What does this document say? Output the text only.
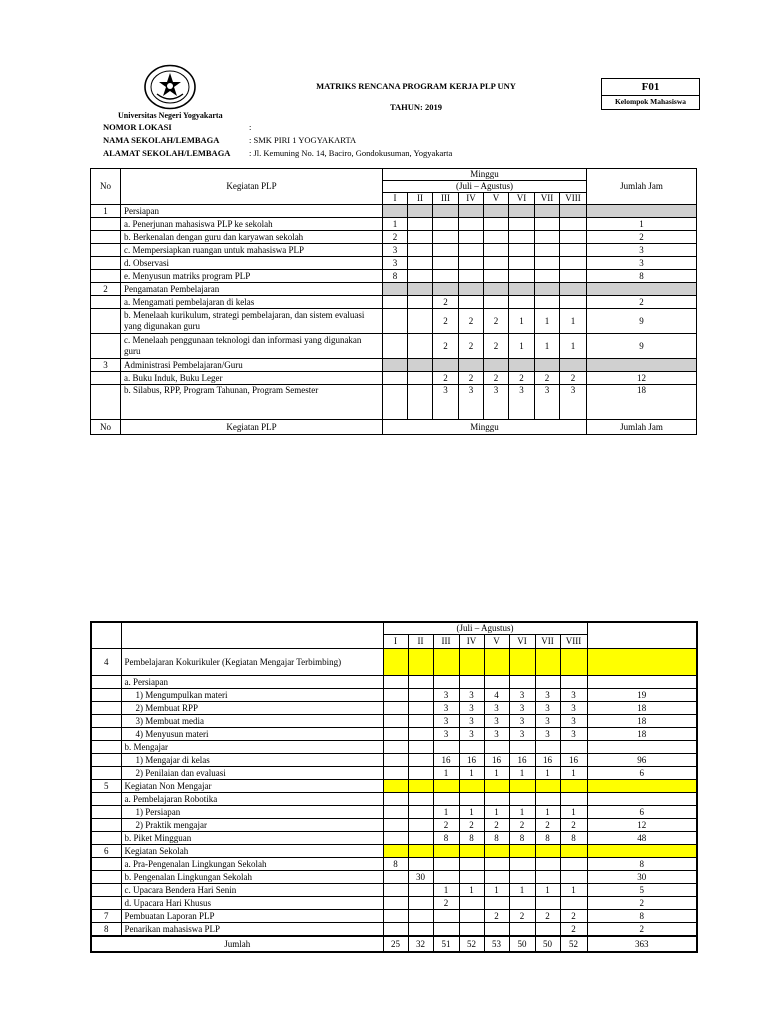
Universitas Negeri Yogyakarta
MATRIKS RENCANA PROGRAM KERJA PLP UNY
TAHUN: 2019
F01
Kelompok Mahasiswa
NOMOR LOKASI	:
NAMA SEKOLAH/LEMBAGA	: SMK PIRI 1 YOGYAKARTA
ALAMAT SEKOLAH/LEMBAGA	: Jl. Kemuning No. 14, Baciro, Gondokusuman, Yogyakarta
No	Kegiatan PLP	Minggu								Jumlah Jam
		(Juli – Agustus)								
		I	II	III	IV	V	VI	VII	VIII	
1	Persiapan									
	a. Penerjunan mahasiswa PLP ke sekolah	1								1
	b. Berkenalan dengan guru dan karyawan sekolah	2								2
	c. Mempersiapkan ruangan untuk mahasiswa PLP	3								3
	d. Observasi	3								3
	e. Menyusun matriks program PLP	8								8
2	Pengamatan Pembelajaran									
	a. Mengamati pembelajaran di kelas			2						2
	b. Menelaah kurikulum, strategi pembelajaran, dan sistem evaluasi yang digunakan guru			2	2	2	1	1	1	9
	c. Menelaah penggunaan teknologi dan informasi yang digunakan guru			2	2	2	1	1	1	9
3	Administrasi Pembelajaran/Guru									
	a. Buku Induk, Buku Leger			2	2	2	2	2	2	12
	b. Silabus, RPP, Program Tahunan, Program Semester			3	3	3	3	3	3	18
No	Kegiatan PLP	Minggu								Jumlah Jam
		(Juli – Agustus)								
		I	II	III	IV	V	VI	VII	VIII	
4	Pembelajaran Kokurikuler (Kegiatan Mengajar Terbimbing)									
	a. Persiapan									
	1) Mengumpulkan materi			3	3	4	3	3	3	19
	2) Membuat RPP			3	3	3	3	3	3	18
	3) Membuat media			3	3	3	3	3	3	18
	4) Menyusun materi			3	3	3	3	3	3	18
	b. Mengajar									
	1) Mengajar di kelas			16	16	16	16	16	16	96
	2) Penilaian dan evaluasi			1	1	1	1	1	1	6
5	Kegiatan Non Mengajar									
	a. Pembelajaran Robotika									
	1) Persiapan			1	1	1	1	1	1	6
	2) Praktik mengajar			2	2	2	2	2	2	12
	b. Piket Mingguan			8	8	8	8	8	8	48
6	Kegiatan Sekolah									
	a. Pra-Pengenalan Lingkungan Sekolah	8								8
	b. Pengenalan Lingkungan Sekolah		30							30
	c. Upacara Bendera Hari Senin			1	1	1	1	1	1	5
	d. Upacara Hari Khusus			2						2
7	Pembuatan Laporan PLP					2	2	2	2	8
8	Penarikan mahasiswa PLP								2	2
Jumlah		25	32	51	52	53	50	50	52	363
